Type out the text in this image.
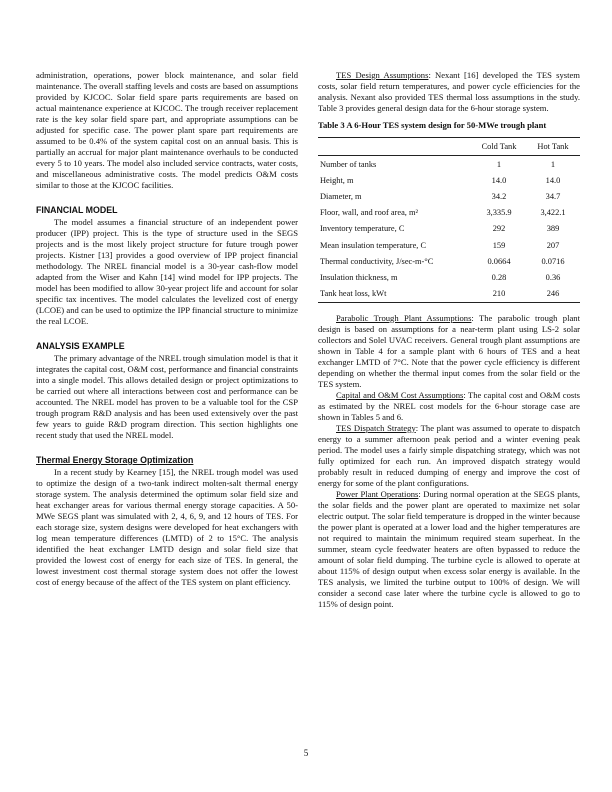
administration, operations, power block maintenance, and solar field maintenance. The overall staffing levels and costs are based on assumptions provided by KJCOC. Solar field spare parts requirements are based on actual maintenance experience at KJCOC. The trough receiver replacement rate is the key solar field spare part, and appropriate assumptions can be adjusted for specific case. The power plant spare part requirements are assumed to be 0.4% of the system capital cost on an annual basis. This is partially an accrual for major plant maintenance overhauls to be conducted every 5 to 10 years. The model also included service contracts, water costs, and miscellaneous administrative costs. The model predicts O&M costs similar to those at the KJCOC facilities.

FINANCIAL MODEL

The model assumes a financial structure of an independent power producer (IPP) project. This is the type of structure used in the SEGS projects and is the most likely project structure for future trough power projects. Kistner [13] provides a good overview of IPP project financial methodology. The NREL financial model is a 30-year cash-flow model adapted from the Wiser and Kahn [14] wind model for IPP projects. The model has been modified to allow 30-year project life and account for solar specific tax incentives. The model calculates the levelized cost of energy (LCOE) and can be used to optimize the IPP financial structure to minimize the real LCOE.

ANALYSIS EXAMPLE

The primary advantage of the NREL trough simulation model is that it integrates the capital cost, O&M cost, performance and financial constraints into a single model. This allows detailed design or project optimizations to be carried out where all interactions between cost and performance can be accounted. The NREL model has proven to be a valuable tool for the CSP trough program R&D analysis and has been used extensively over the past few years to guide R&D program direction. This section highlights one recent study that used the NREL model.

Thermal Energy Storage Optimization

In a recent study by Kearney [15], the NREL trough model was used to optimize the design of a two-tank indirect molten-salt thermal energy storage system. The analysis determined the optimum solar field size and heat exchanger areas for various thermal energy storage capacities. A 50-MWe SEGS plant was simulated with 2, 4, 6, 9, and 12 hours of TES. For each storage size, system designs were developed for heat exchangers with log mean temperature differences (LMTD) of 2 to 15°C. The analysis identified the heat exchanger LMTD design and solar field size that provided the lowest cost of energy for each size of TES. In general, the lowest investment cost thermal storage system does not offer the lowest cost of energy because of the affect of the TES system on plant efficiency.

TES Design Assumptions: Nexant [16] developed the TES system costs, solar field return temperatures, and power cycle efficiencies for the analysis. Nexant also provided TES thermal loss assumptions in the study. Table 3 provides general design data for the 6-hour storage system.

Table 3 A 6-Hour TES system design for 50-MWe trough plant
	Cold Tank	Hot Tank
Number of tanks	1	1
Height, m	14.0	14.0
Diameter, m	34.2	34.7
Floor, wall, and roof area, m²	3,335.9	3,422.1
Inventory temperature, C	292	389
Mean insulation temperature, C	159	207
Thermal conductivity, J/sec-m-°C	0.0664	0.0716
Insulation thickness, m	0.28	0.36
Tank heat loss, kWt	210	246

Parabolic Trough Plant Assumptions: The parabolic trough plant design is based on assumptions for a near-term plant using LS-2 solar collectors and Solel UVAC receivers. General trough plant assumptions are shown in Table 4 for a sample plant with 6 hours of TES and a heat exchanger LMTD of 7°C. Note that the power cycle efficiency is different depending on whether the thermal input comes from the solar field or the TES system.

Capital and O&M Cost Assumptions: The capital cost and O&M costs as estimated by the NREL cost models for the 6-hour storage case are shown in Tables 5 and 6.

TES Dispatch Strategy: The plant was assumed to operate to dispatch energy to a summer afternoon peak period and a winter evening peak period. The model uses a fairly simple dispatching strategy, which was not fully optimized for each run. An improved dispatch strategy would probably result in reduced dumping of energy and improve the cost of energy for some of the plant configurations.

Power Plant Operations: During normal operation at the SEGS plants, the solar fields and the power plant are operated to maximize net solar electric output. The solar field temperature is dropped in the winter because the power plant is operated at a lower load and the higher temperatures are not required to maintain the minimum required steam superheat. In the summer, steam cycle feedwater heaters are often bypassed to reduce the amount of solar field dumping. The turbine cycle is allowed to operate at about 115% of design output when excess solar energy is available. In the TES analysis, we limited the turbine output to 100% of design. We will consider a second case later where the turbine cycle is allowed to go to 115% of design point.

5
